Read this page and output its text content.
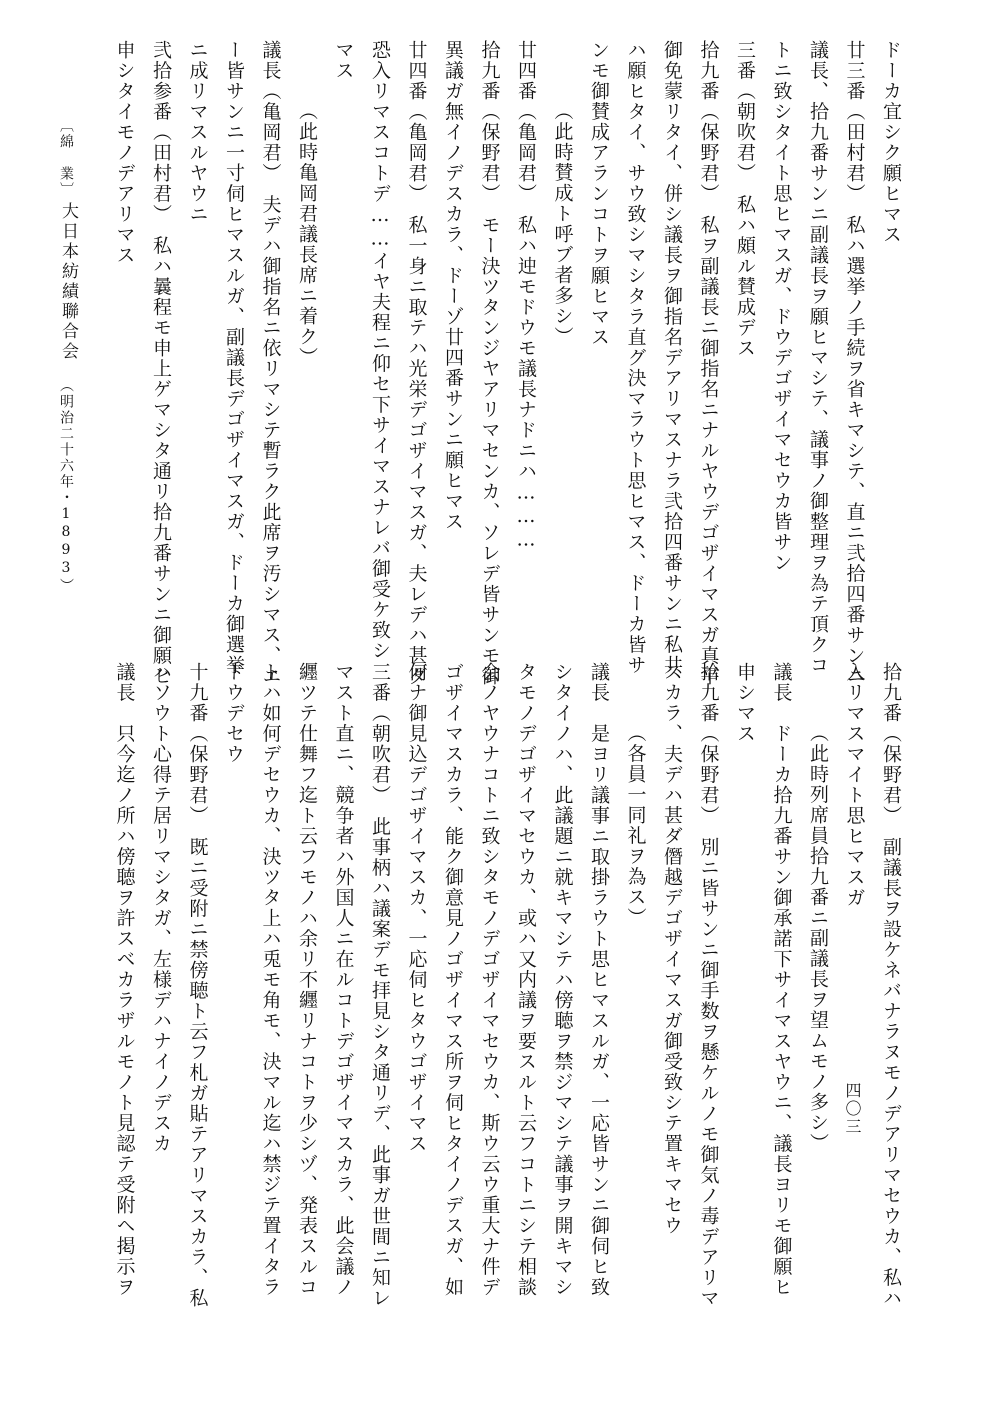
ドーカ宜シク願ヒマス
廿三番（田村君）　私ハ選挙ノ手続ヲ省キマシテ、直ニ弐拾四番サンニ
議長、拾九番サンニ副議長ヲ願ヒマシテ、議事ノ御整理ヲ為テ頂クコ
トニ致シタイト思ヒマスガ、ドウデゴザイマセウカ皆サン
三番（朝吹君）　私ハ頗ル賛成デス
拾九番（保野君）　私ヲ副議長ニ御指名ニナルヤウデゴザイマスガ真平
御免蒙リタイ、併シ議長ヲ御指名デアリマスナラ弐拾四番サンニ私共
ハ願ヒタイ、サウ致シマシタラ直グ決マラウト思ヒマス、ドーカ皆サ
ンモ御賛成アランコトヲ願ヒマス
（此時賛成ト呼ブ者多シ）
廿四番（亀岡君）　私ハ迚モドウモ議長ナドニハ………
拾九番（保野君）　モー決ツタンジヤアリマセンカ、ソレデ皆サンモ御
異議ガ無イノデスカラ、ドーゾ廿四番サンニ願ヒマス
廿四番（亀岡君）　私一身ニ取テハ光栄デゴザイマスガ、夫レデハ甚ダ
恐入リマスコトデ……イヤ夫程ニ仰セ下サイマスナレバ御受ケ致シ
マス
（此時亀岡君議長席ニ着ク）
議長（亀岡君）　夫デハ御指名ニ依リマシテ暫ラク此席ヲ汚シマス、エ
ー皆サンニ一寸伺ヒマスルガ、副議長デゴザイマスガ、ドーカ御選挙
ニ成リマスルヤウニ
弐拾参番（田村君）　私ハ曩程モ申上ゲマシタ通リ拾九番サンニ御願ヒ
申シタイモノデアリマス
拾九番（保野君）　副議長ヲ設ケネバナラヌモノデアリマセウカ、私ハ
入リマスマイト思ヒマスガ
（此時列席員拾九番ニ副議長ヲ望ムモノ多シ）
議長　ドーカ拾九番サン御承諾下サイマスヤウニ、議長ヨリモ御願ヒ
申シマス
拾九番（保野君）　別ニ皆サンニ御手数ヲ懸ケルノモ御気ノ毒デアリマ
スカラ、夫デハ甚ダ僭越デゴザイマスガ御受致シテ置キマセウ
（各員一同礼ヲ為ス）
議長　是ヨリ議事ニ取掛ラウト思ヒマスルガ、一応皆サンニ御伺ヒ致
シタイノハ、此議題ニ就キマシテハ傍聴ヲ禁ジマシテ議事ヲ開キマシ
タモノデゴザイマセウカ、或ハ又内議ヲ要スルト云フコトニシテ相談
会ノヤウナコトニ致シタモノデゴザイマセウカ、斯ウ云ウ重大ナ件デ
ゴザイマスカラ、能ク御意見ノゴザイマス所ヲ伺ヒタイノデスガ、如
何ナ御見込デゴザイマスカ、一応伺ヒタウゴザイマス
三番（朝吹君）　此事柄ハ議案デモ拝見シタ通リデ、此事ガ世間ニ知レ
マスト直ニ、競争者ハ外国人ニ在ルコトデゴザイマスカラ、此会議ノ
纒ツテ仕舞フ迄ト云フモノハ余リ不纒リナコトヲ少シヅ、発表スルコ
トハ如何デセウカ、決ツタ上ハ兎モ角モ、決マル迄ハ禁ジテ置イタラ
ドウデセウ
十九番（保野君）　既ニ受附ニ禁傍聴ト云フ札ガ貼テアリマスカラ、私
ハソウト心得テ居リマシタガ、左様デハナイノデスカ
議長　只今迄ノ所ハ傍聴ヲ許スベカラザルモノト見認テ受附ヘ掲示ヲ
〔綿　業〕
大日本紡績聯合会
（明治二十六年・1893）
四〇三
